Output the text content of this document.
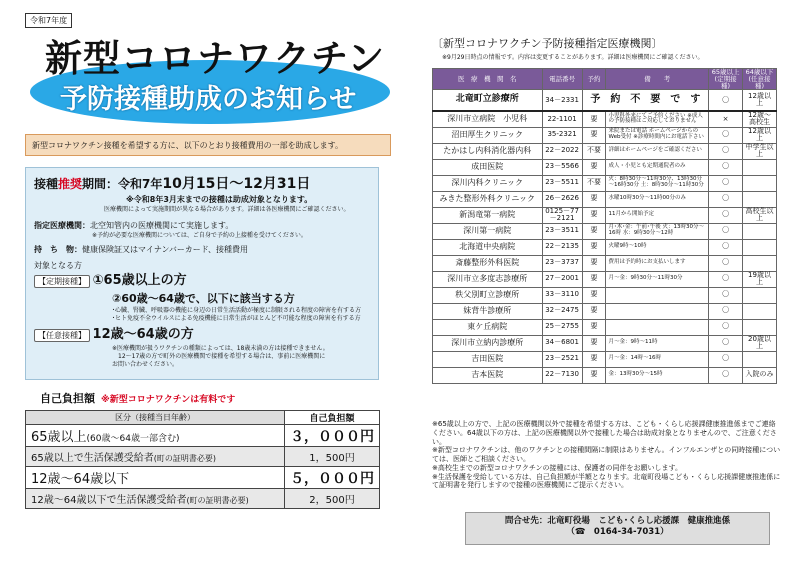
令和7年度
新型コロナワクチン
予防接種助成のお知らせ
新型コロナワクチン接種を希望する方に、以下のとおり接種費用の一部を助成します。
接種推奨期間：令和7年10月15日～12月31日
※令和8年3月末までの接種は助成対象となります。
医療機関によって実施期間が異なる場合があります。詳細は各医療機関にご確認ください。
指定医療機関：北空知管内の医療機関にて実施します。
※予約が必要な医療機関については、ご自身で予約の上接種を受けてください。
持　ち　物：健康保険証又はマイナンバーカード、接種費用
対象となる方
【定期接種】 ①65歳以上の方
②60歳～64歳で、以下に該当する方
･心臓、腎臓、呼吸器の機能に身辺の日常生活活動が極度に制限される程度の障害を有する方
･ヒト免疫不全ウイルスによる免疫機能に日常生活がほとんど不可能な程度の障害を有する方
【任意接種】 12歳～64歳の方
※医療機関が扱うワクチンの種類によっては、18歳未満の方は接種できません。
12～17歳の方で町外の医療機関で接種を希望する場合は、事前に医療機関に
お問い合わせください。
自己負担額 ※新型コロナワクチンは有料です
区分（接種当日年齢）	自己負担額
65歳以上(60歳～64歳一部含む)	３，０００円
65歳以上で生活保護受給者(町の証明書必要)	1，500円
12歳～64歳以下	５，０００円
12歳～64歳以下で生活保護受給者(町の証明書必要)	2，500円
〔新型コロナワクチン予防接種指定医療機関〕
※9月29日時点の情報です。内容は変更することがあります。詳細は医療機関にご確認ください。
医　療　機　関　名	電話番号	予約	備　　考	65歳以上(定期接種)	64歳以下(任意接種)
北竜町立診療所	34－2331	予　約　不　要　で　す		〇	12歳以上
深川市立病院　小児科	22-1101	要	小児科外来にてご予約ください ※成人の予防接種はご対応しておりません	×	12歳～高校生
沼田厚生クリニック	35-2321	要	来院または電話 ホームページからのWeb受付 ※診療時間内にお電話下さい	〇	12歳以上
たかはし内科消化器内科	22－2022	不要	詳細はホームページをご確認ください	〇	中学生以上
成田医院	23－5566	要	成人・小児とも定期通院者のみ	〇	
深川内科クリニック	23－5511	不要	火：8時30分～11時30分、13時30分～16時30分 土：8時30分～11時30分	〇	
みきた整形外科クリニック	26－2626	要	水曜10時30分～11時00分のみ	〇	
新潟竜第一病院	0125－77－2121	要	11月から開始予定	〇	高校生以上
深川第一病院	23－3511	要	月･木･金：午前･午後 火：13時30分～16時 水：9時30分～12時	〇	
北海道中央病院	22－2135	要	火曜9時～10時	〇	
斎藤整形外科医院	23－3737	要	費用は予約時にお支払いします	〇	
深川市立多度志診療所	27－2001	要	月～金：9時30分～11時30分	〇	19歳以上
秩父別町立診療所	33－3110	要		〇	
妹背牛診療所	32－2475	要		〇	
東ケ丘病院	25－2755	要		〇	
深川市立納内診療所	34－6801	要	月～金：9時～11時	〇	20歳以上
吉田医院	23－2521	要	月～金：14時～16時	〇	
吉本医院	22－7130	要	金：13時30分～15時	〇	入院のみ
※65歳以上の方で、上記の医療機関以外で接種を希望する方は、こども・くらし応援課健康推進係までご連絡ください。64歳以下の方は、上記の医療機関以外で接種した場合は助成対象となりませんので、ご注意ください。
※新型コロナワクチンは、他のワクチンとの接種間隔に制限はありません。インフルエンザとの同時接種については、医師とご相談ください。
※高校生までの新型コロナワクチンの接種には、保護者の同伴をお願いします。
※生活保護を受給している方は、自己負担額が半額となります。北竜町役場こども・くらし応援課健康推進係にて証明書を発行しますので接種の医療機関にご提示ください。
問合せ先：北竜町役場　こども･くらし応援課　健康推進係
（☎　0164-34-7031）
